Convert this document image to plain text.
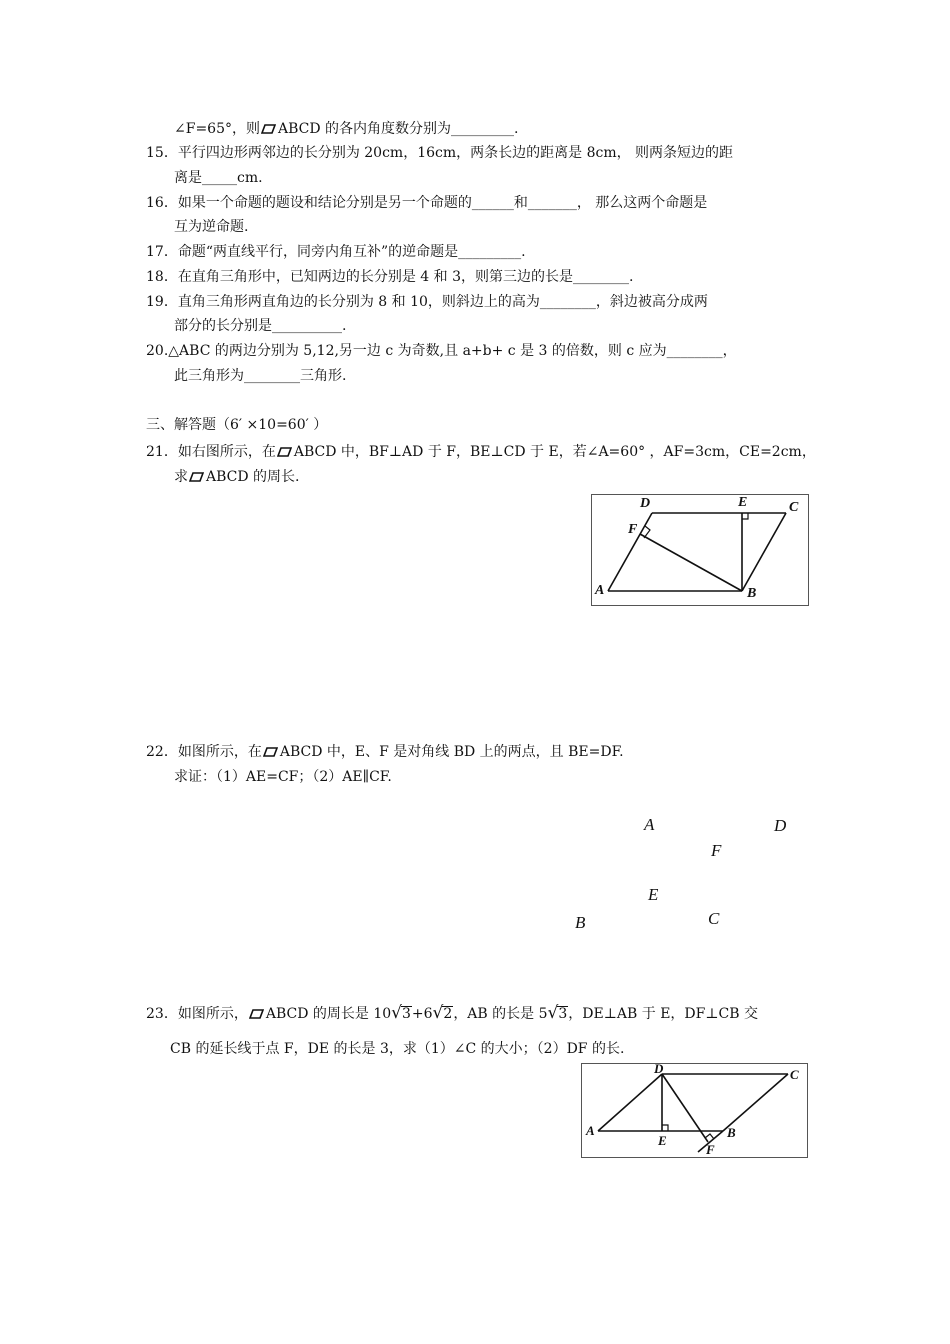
∠F=65°，则 ABCD 的各内角度数分别为_________.
15．平行四边形两邻边的长分别为 20cm，16cm，两条长边的距离是 8cm， 则两条短边的距
离是_____cm.
16．如果一个命题的题设和结论分别是另一个命题的______和_______， 那么这两个命题是
互为逆命题.
17．命题“两直线平行，同旁内角互补”的逆命题是_________.
18．在直角三角形中，已知两边的长分别是 4 和 3，则第三边的长是________.
19．直角三角形两直角边的长分别为 8 和 10，则斜边上的高为________，斜边被高分成两
部分的长分别是__________.
20.△ABC 的两边分别为 5,12,另一边 c 为奇数,且 a+b+ c 是 3 的倍数，则 c 应为________，
此三角形为________三角形.
三、解答题（6′ ×10=60′ ）
21．如右图所示，在 ABCD 中，BF⊥AD 于 F，BE⊥CD 于 E，若∠A=60° ，AF=3cm，CE=2cm，
求 ABCD 的周长.
A
D	E	C
F
B
22．如图所示，在 ABCD 中，E、F 是对角线 BD 上的两点，且 BE=DF.
求证：（1）AE=CF；（2）AE∥CF.
A	D
F
E
B	C
23．如图所示， ABCD 的周长是 10√3+6√2，AB 的长是 5√3，DE⊥AB 于 E，DF⊥CB 交
CB 的延长线于点 F，DE 的长是 3，求（1）∠C 的大小；（2）DF 的长.
A
D	C
E
B
F
